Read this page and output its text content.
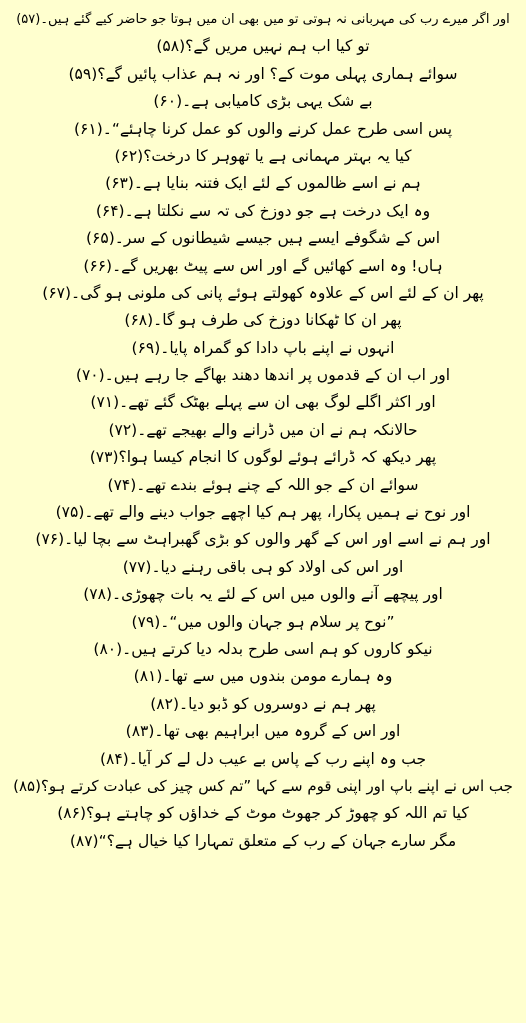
اور اگر میرے رب کی مہربانی نہ ہوتی تو میں بھی ان میں ہوتا جو حاضر کیے گئے ہیں۔(۵۷)
تو کیا اب ہم نہیں مریں گے؟(۵۸)
سوائے ہماری پہلی موت کے؟ اور نہ ہم عذاب پائیں گے؟(۵۹)
بے شک یہی بڑی کامیابی ہے۔(۶۰)
پس اسی طرح عمل کرنے والوں کو عمل کرنا چاہئے“۔(۶۱)
کیا یہ بہتر مہمانی ہے یا تھوہر کا درخت؟(۶۲)
ہم نے اسے ظالموں کے لئے ایک فتنہ بنایا ہے۔(۶۳)
وہ ایک درخت ہے جو دوزخ کی تہ سے نکلتا ہے۔(۶۴)
اس کے شگوفے ایسے ہیں جیسے شیطانوں کے سر۔(۶۵)
ہاں! وہ اسے کھائیں گے اور اس سے پیٹ بھریں گے۔(۶۶)
پھر ان کے لئے اس کے علاوہ کھولتے ہوئے پانی کی ملونی ہو گی۔(۶۷)
پھر ان کا ٹھکانا دوزخ کی طرف ہو گا۔(۶۸)
انہوں نے اپنے باپ دادا کو گمراہ پایا۔(۶۹)
اور اب ان کے قدموں پر اندھا دھند بھاگے جا رہے ہیں۔(۷۰)
اور اکثر اگلے لوگ بھی ان سے پہلے بھٹک گئے تھے۔(۷۱)
حالانکہ ہم نے ان میں ڈرانے والے بھیجے تھے۔(۷۲)
پھر دیکھ کہ ڈرائے ہوئے لوگوں کا انجام کیسا ہوا؟(۷۳)
سوائے ان کے جو اللہ کے چنے ہوئے بندے تھے۔(۷۴)
اور نوح نے ہمیں پکارا، پھر ہم کیا اچھے جواب دینے والے تھے۔(۷۵)
اور ہم نے اسے اور اس کے گھر والوں کو بڑی گھبراہٹ سے بچا لیا۔(۷۶)
اور اس کی اولاد کو ہی باقی رہنے دیا۔(۷۷)
اور پیچھے آنے والوں میں اس کے لئے یہ بات چھوڑی۔(۷۸)
”نوح پر سلام ہو جہان والوں میں“۔(۷۹)
نیکو کاروں کو ہم اسی طرح بدلہ دیا کرتے ہیں۔(۸۰)
وہ ہمارے مومن بندوں میں سے تھا۔(۸۱)
پھر ہم نے دوسروں کو ڈبو دیا۔(۸۲)
اور اس کے گروہ میں ابراہیم بھی تھا۔(۸۳)
جب وہ اپنے رب کے پاس بے عیب دل لے کر آیا۔(۸۴)
جب اس نے اپنے باپ اور اپنی قوم سے کہا ”تم کس چیز کی عبادت کرتے ہو؟(۸۵)
کیا تم اللہ کو چھوڑ کر جھوٹ موٹ کے خداؤں کو چاہتے ہو؟(۸۶)
مگر سارے جہان کے رب کے متعلق تمہارا کیا خیال ہے؟“(۸۷)
